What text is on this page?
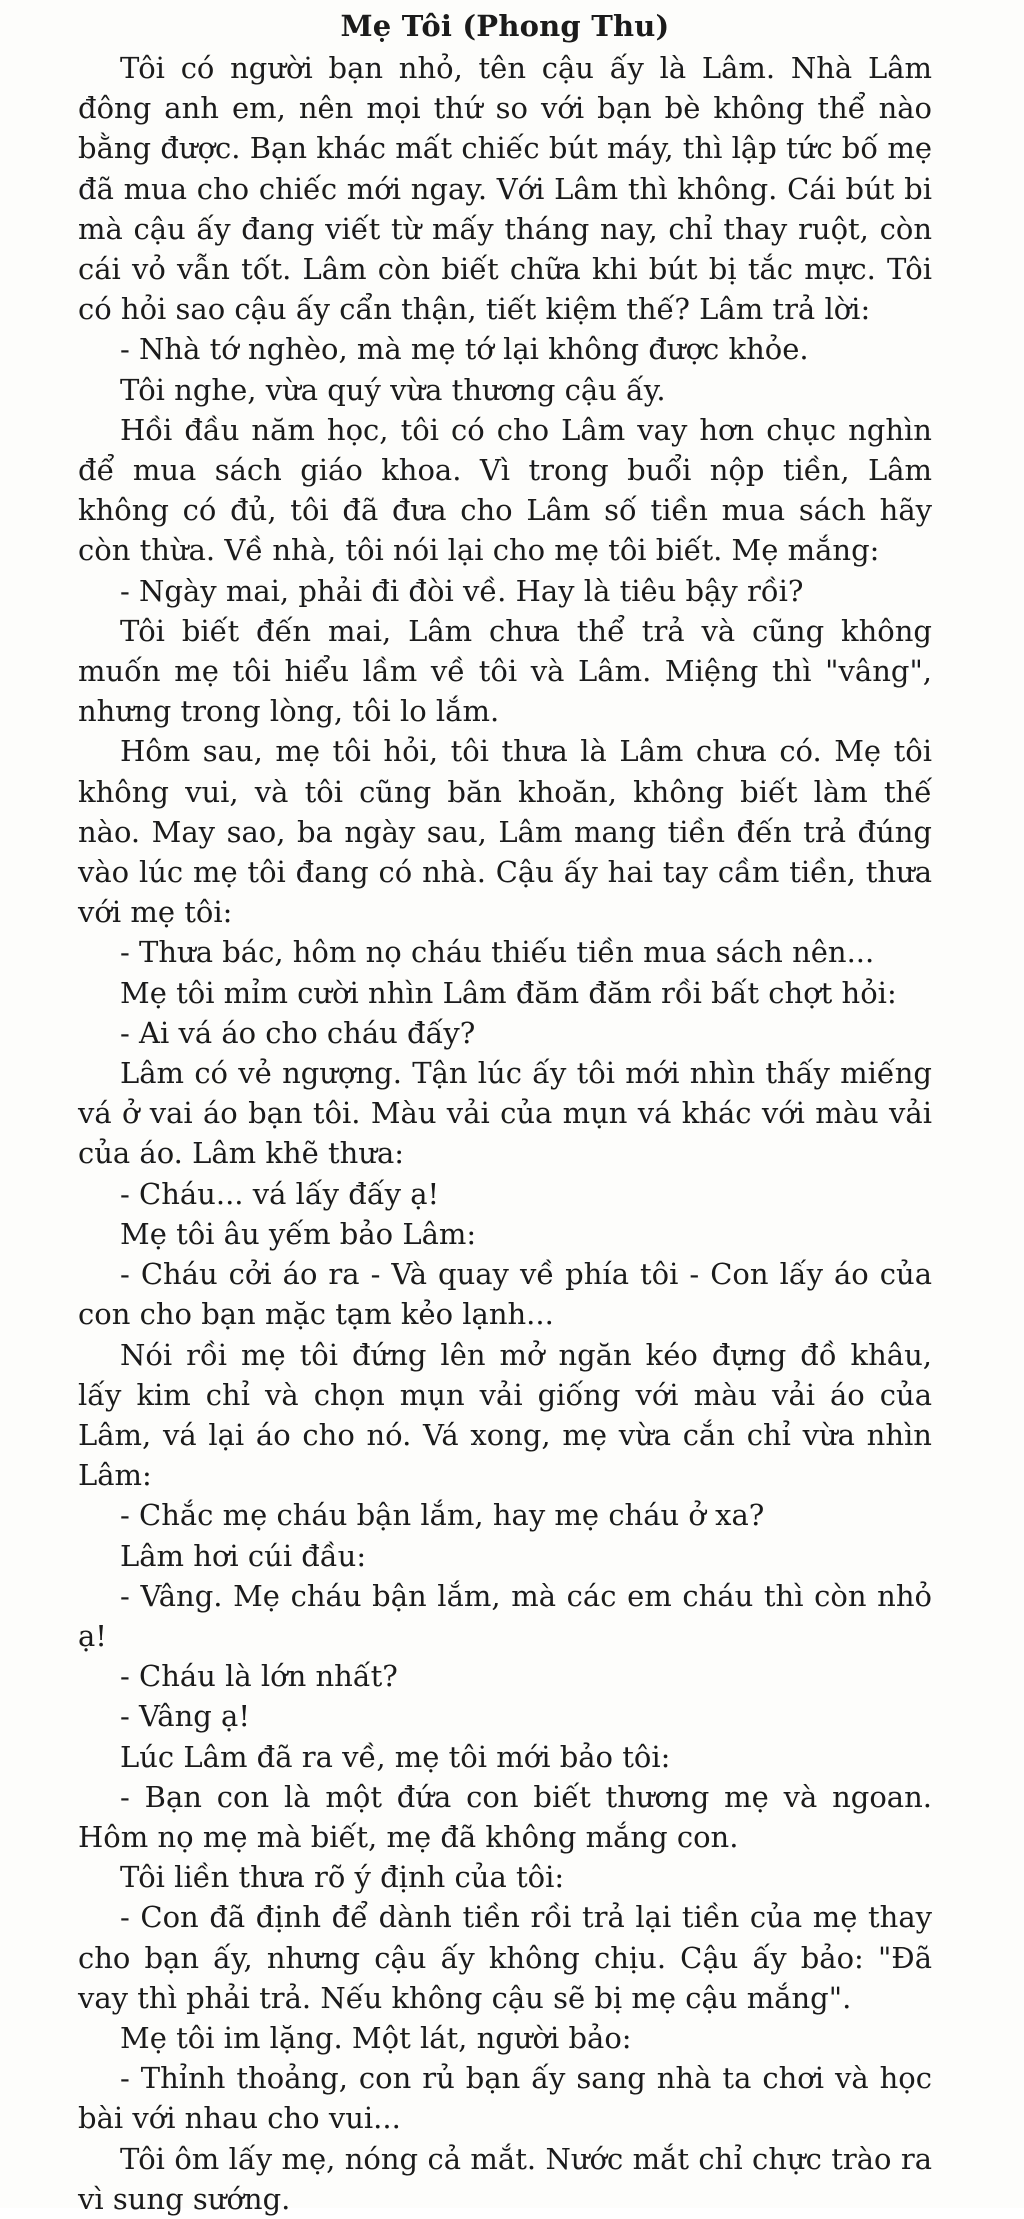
Mẹ Tôi (Phong Thu)

Tôi có người bạn nhỏ, tên cậu ấy là Lâm. Nhà Lâm đông anh em, nên mọi thứ so với bạn bè không thể nào bằng được. Bạn khác mất chiếc bút máy, thì lập tức bố mẹ đã mua cho chiếc mới ngay. Với Lâm thì không. Cái bút bi mà cậu ấy đang viết từ mấy tháng nay, chỉ thay ruột, còn cái vỏ vẫn tốt. Lâm còn biết chữa khi bút bị tắc mực. Tôi có hỏi sao cậu ấy cẩn thận, tiết kiệm thế? Lâm trả lời:

- Nhà tớ nghèo, mà mẹ tớ lại không được khỏe.

Tôi nghe, vừa quý vừa thương cậu ấy.

Hồi đầu năm học, tôi có cho Lâm vay hơn chục nghìn để mua sách giáo khoa. Vì trong buổi nộp tiền, Lâm không có đủ, tôi đã đưa cho Lâm số tiền mua sách hãy còn thừa. Về nhà, tôi nói lại cho mẹ tôi biết. Mẹ mắng:

- Ngày mai, phải đi đòi về. Hay là tiêu bậy rồi?

Tôi biết đến mai, Lâm chưa thể trả và cũng không muốn mẹ tôi hiểu lầm về tôi và Lâm. Miệng thì "vâng", nhưng trong lòng, tôi lo lắm.

Hôm sau, mẹ tôi hỏi, tôi thưa là Lâm chưa có. Mẹ tôi không vui, và tôi cũng băn khoăn, không biết làm thế nào. May sao, ba ngày sau, Lâm mang tiền đến trả đúng vào lúc mẹ tôi đang có nhà. Cậu ấy hai tay cầm tiền, thưa với mẹ tôi:

- Thưa bác, hôm nọ cháu thiếu tiền mua sách nên...

Mẹ tôi mỉm cười nhìn Lâm đăm đăm rồi bất chợt hỏi:

- Ai vá áo cho cháu đấy?

Lâm có vẻ ngượng. Tận lúc ấy tôi mới nhìn thấy miếng vá ở vai áo bạn tôi. Màu vải của mụn vá khác với màu vải của áo. Lâm khẽ thưa:

- Cháu... vá lấy đấy ạ!

Mẹ tôi âu yếm bảo Lâm:

- Cháu cởi áo ra - Và quay về phía tôi - Con lấy áo của con cho bạn mặc tạm kẻo lạnh...

Nói rồi mẹ tôi đứng lên mở ngăn kéo đựng đồ khâu, lấy kim chỉ và chọn mụn vải giống với màu vải áo của Lâm, vá lại áo cho nó. Vá xong, mẹ vừa cắn chỉ vừa nhìn Lâm:

- Chắc mẹ cháu bận lắm, hay mẹ cháu ở xa?

Lâm hơi cúi đầu:

- Vâng. Mẹ cháu bận lắm, mà các em cháu thì còn nhỏ ạ!

- Cháu là lớn nhất?

- Vâng ạ!

Lúc Lâm đã ra về, mẹ tôi mới bảo tôi:

- Bạn con là một đứa con biết thương mẹ và ngoan. Hôm nọ mẹ mà biết, mẹ đã không mắng con.

Tôi liền thưa rõ ý định của tôi:

- Con đã định để dành tiền rồi trả lại tiền của mẹ thay cho bạn ấy, nhưng cậu ấy không chịu. Cậu ấy bảo: "Đã vay thì phải trả. Nếu không cậu sẽ bị mẹ cậu mắng".

Mẹ tôi im lặng. Một lát, người bảo:

- Thỉnh thoảng, con rủ bạn ấy sang nhà ta chơi và học bài với nhau cho vui...

Tôi ôm lấy mẹ, nóng cả mắt. Nước mắt chỉ chực trào ra vì sung sướng.
